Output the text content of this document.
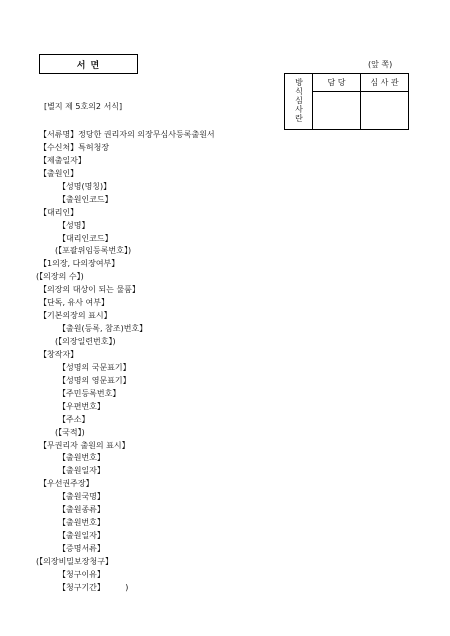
서 면	(앞 쪽)
방식심사란	담 당	심 사 관

[별지 제 5호의2 서식]
【서류명】정당한 권리자의 의장무심사등록출원서
【수신처】특허청장
【제출일자】
【출원인】
【성명(명칭)】
【출원인코드】
【대리인】
【성명】
【대리인코드】
(【포괄위임등록번호】)
【1의장, 다의장여부】
(【의장의 수】)
【의장의 대상이 되는 물품】
【단독, 유사 여부】
【기본의장의 표시】
【출원(등록, 참조)번호】
(【의장일련번호】)
【창작자】
【성명의 국문표기】
【성명의 영문표기】
【주민등록번호】
【우편번호】
【주소】
(【국적】)
【무권리자 출원의 표시】
【출원번호】
【출원일자】
【우선권주장】
【출원국명】
【출원종류】
【출원번호】
【출원일자】
【증명서류】
(【의장비밀보장청구】
【청구이유】
【청구기간】        )
